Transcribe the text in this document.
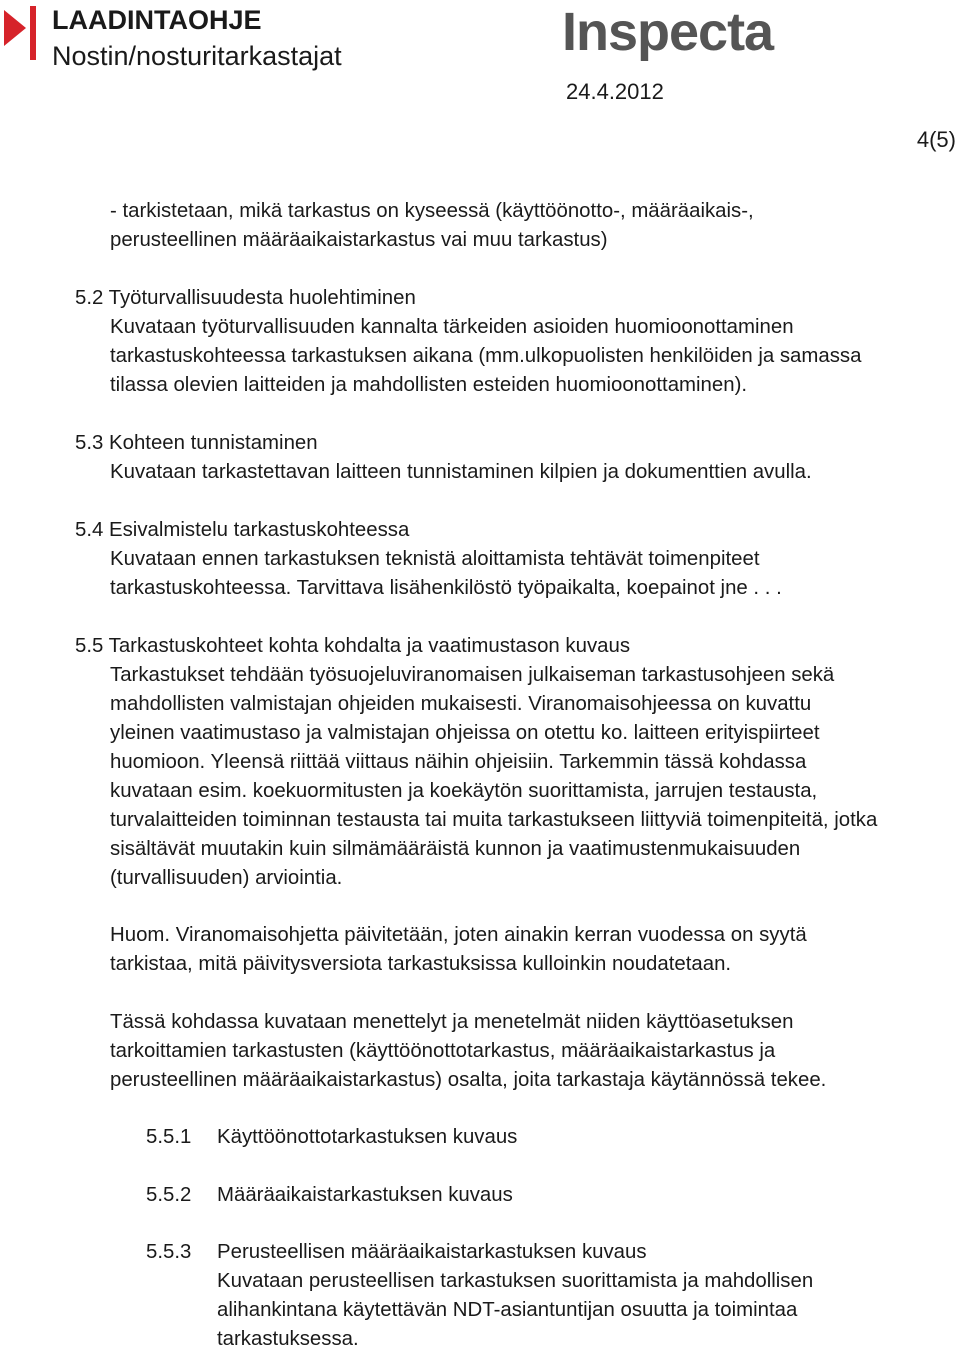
LAADINTAOHJE
Nostin/nosturitarkastajat	Inspecta
24.4.2012
4(5)
- tarkistetaan, mikä tarkastus on kyseessä (käyttöönotto-, määräaikais-,
perusteellinen määräaikaistarkastus vai muu tarkastus)
5.2 Työturvallisuudesta huolehtiminen
Kuvataan työturvallisuuden kannalta tärkeiden asioiden huomioonottaminen
tarkastuskohteessa tarkastuksen aikana (mm.ulkopuolisten henkilöiden ja samassa
tilassa olevien laitteiden ja mahdollisten esteiden huomioonottaminen).
5.3 Kohteen tunnistaminen
Kuvataan tarkastettavan laitteen tunnistaminen kilpien ja dokumenttien avulla.
5.4 Esivalmistelu tarkastuskohteessa
Kuvataan ennen tarkastuksen teknistä aloittamista tehtävät toimenpiteet
tarkastuskohteessa. Tarvittava lisähenkilöstö työpaikalta, koepainot jne . . .
5.5 Tarkastuskohteet kohta kohdalta ja vaatimustason kuvaus
Tarkastukset tehdään työsuojeluviranomaisen julkaiseman tarkastusohjeen sekä
mahdollisten valmistajan ohjeiden mukaisesti. Viranomaisohjeessa on kuvattu
yleinen vaatimustaso ja valmistajan ohjeissa on otettu ko. laitteen erityispiirteet
huomioon. Yleensä riittää viittaus näihin ohjeisiin. Tarkemmin tässä kohdassa
kuvataan esim. koekuormitusten ja koekäytön suorittamista, jarrujen testausta,
turvalaitteiden toiminnan testausta tai muita tarkastukseen liittyviä toimenpiteitä, jotka
sisältävät muutakin kuin silmämääräistä kunnon ja vaatimustenmukaisuuden
(turvallisuuden) arviointia.
Huom. Viranomaisohjetta päivitetään, joten ainakin kerran vuodessa on syytä
tarkistaa, mitä päivitysversiota tarkastuksissa kulloinkin noudatetaan.
Tässä kohdassa kuvataan menettelyt ja menetelmät niiden käyttöasetuksen
tarkoittamien tarkastusten (käyttöönottotarkastus, määräaikaistarkastus ja
perusteellinen määräaikaistarkastus) osalta, joita tarkastaja käytännössä tekee.
5.5.1 Käyttöönottotarkastuksen kuvaus
5.5.2 Määräaikaistarkastuksen kuvaus
5.5.3 Perusteellisen määräaikaistarkastuksen kuvaus
Kuvataan perusteellisen tarkastuksen suorittamista ja mahdollisen
alihankintana käytettävän NDT-asiantuntijan osuutta ja toimintaa
tarkastuksessa.
